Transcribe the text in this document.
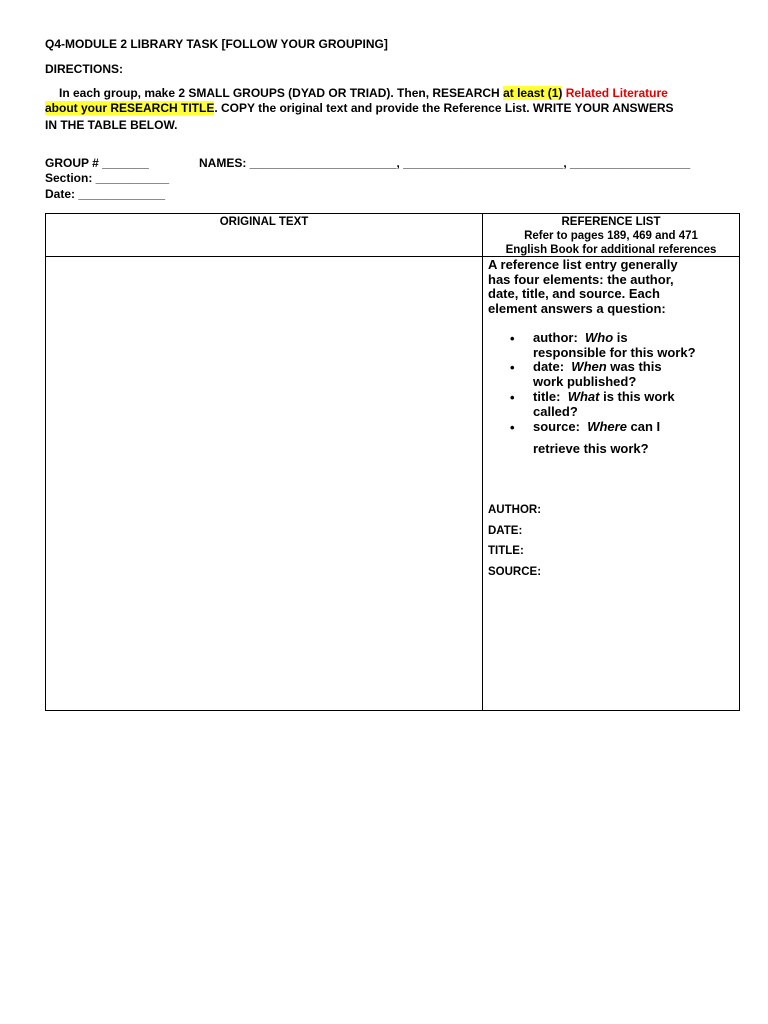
Q4-MODULE 2 LIBRARY TASK [FOLLOW YOUR GROUPING]
DIRECTIONS:
In each group, make 2 SMALL GROUPS (DYAD OR TRIAD). Then, RESEARCH at least (1) Related Literature
about your RESEARCH TITLE. COPY the original text and provide the Reference List. WRITE YOUR ANSWERS
IN THE TABLE BELOW.
GROUP # _______	NAMES: ______________________, ________________________, __________________
Section: ___________
Date: _____________
ORIGINAL TEXT	REFERENCE LIST
Refer to pages 189, 469 and 471
English Book for additional references
A reference list entry generally
has four elements: the author,
date, title, and source. Each
element answers a question:
• author: Who is
responsible for this work?
• date: When was this
work published?
• title: What is this work
called?
• source: Where can I
retrieve this work?
AUTHOR:
DATE:
TITLE:
SOURCE:
